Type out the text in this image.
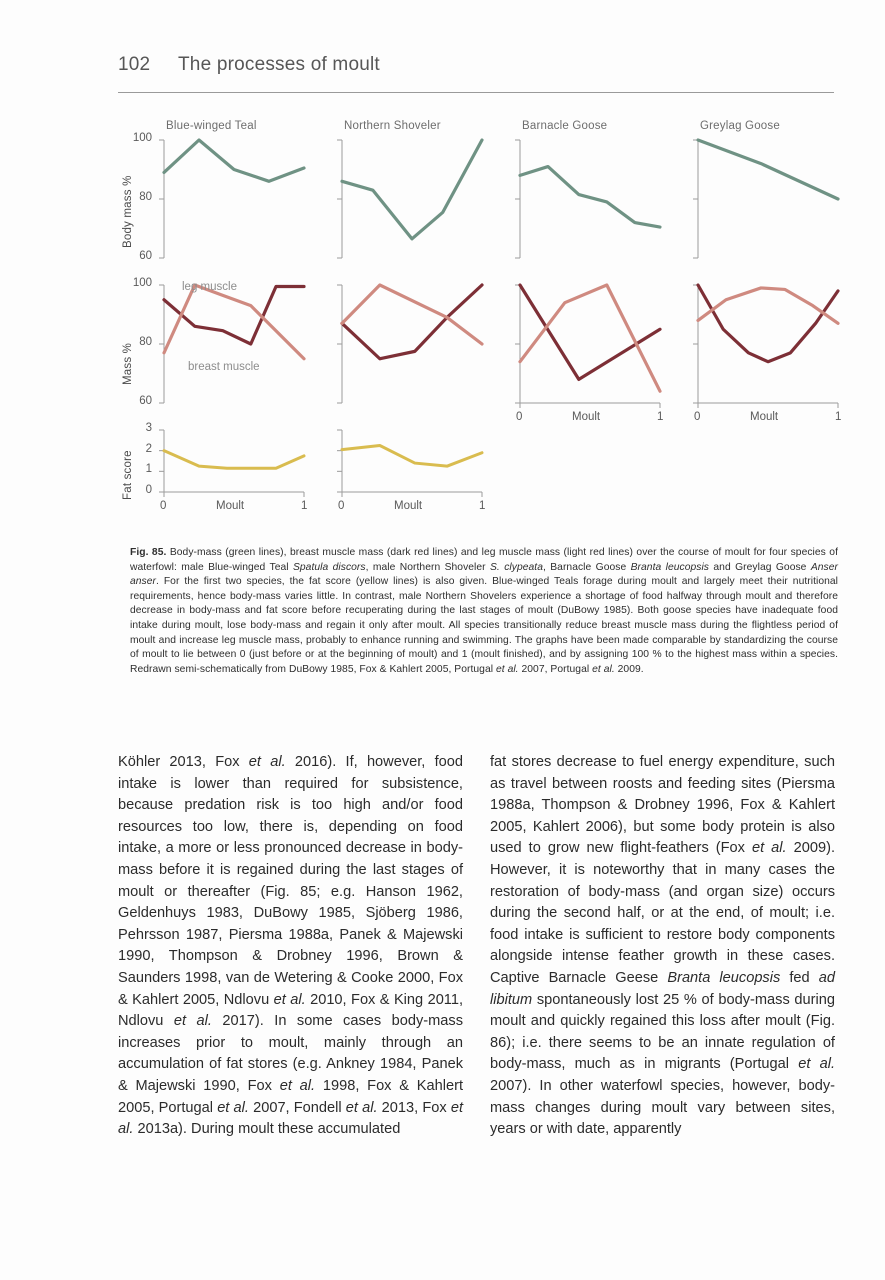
102	The processes of moult
Body mass %
Mass %
Fat score
Blue-winged Teal
100
80
60
100
80
60
3
2
1
0
0	1
Moult
Northern Shoveler
0	1
Moult
Barnacle Goose
0	1
Moult
Greylag Goose
0	1
Moult
leg muscle
breast muscle
Fig. 85. Body-mass (green lines), breast muscle mass (dark red lines) and leg muscle mass (light red lines) over the course of moult for four species of waterfowl: male Blue-winged Teal Spatula discors, male Northern Shoveler S. clypeata, Barnacle Goose Branta leucopsis and Greylag Goose Anser anser. For the first two species, the fat score (yellow lines) is also given. Blue-winged Teals forage during moult and largely meet their nutritional requirements, hence body-mass varies little. In contrast, male Northern Shovelers experience a shortage of food halfway through moult and therefore decrease in body-mass and fat score before recuperating during the last stages of moult (DuBowy 1985). Both goose species have inadequate food intake during moult, lose body-mass and regain it only after moult. All species transitionally reduce breast muscle mass during the flightless period of moult and increase leg muscle mass, probably to enhance running and swimming. The graphs have been made comparable by standardizing the course of moult to lie between 0 (just before or at the beginning of moult) and 1 (moult finished), and by assigning 100 % to the highest mass within a species. Redrawn semi-schematically from DuBowy 1985, Fox & Kahlert 2005, Portugal et al. 2007, Portugal et al. 2009.

Köhler 2013, Fox et al. 2016). If, however, food intake is lower than required for subsistence, because predation risk is too high and/or food resources too low, there is, depending on food intake, a more or less pronounced decrease in body-mass before it is regained during the last stages of moult or thereafter (Fig. 85; e.g. Hanson 1962, Geldenhuys 1983, DuBowy 1985, Sjöberg 1986, Pehrsson 1987, Piersma 1988a, Panek & Majewski 1990, Thompson & Drobney 1996, Brown & Saunders 1998, van de Wetering & Cooke 2000, Fox & Kahlert 2005, Ndlovu et al. 2010, Fox & King 2011, Ndlovu et al. 2017). In some cases body-mass increases prior to moult, mainly through an accumulation of fat stores (e.g. Ankney 1984, Panek & Majewski 1990, Fox et al. 1998, Fox & Kahlert 2005, Portugal et al. 2007, Fondell et al. 2013, Fox et al. 2013a). During moult these accumulated

fat stores decrease to fuel energy expenditure, such as travel between roosts and feeding sites (Piersma 1988a, Thompson & Drobney 1996, Fox & Kahlert 2005, Kahlert 2006), but some body protein is also used to grow new flight-feathers (Fox et al. 2009). However, it is noteworthy that in many cases the restoration of body-mass (and organ size) occurs during the second half, or at the end, of moult; i.e. food intake is sufficient to restore body components alongside intense feather growth in these cases. Captive Barnacle Geese Branta leucopsis fed ad libitum spontaneously lost 25 % of body-mass during moult and quickly regained this loss after moult (Fig. 86); i.e. there seems to be an innate regulation of body-mass, much as in migrants (Portugal et al. 2007). In other waterfowl species, however, body-mass changes during moult vary between sites, years or with date, apparently
